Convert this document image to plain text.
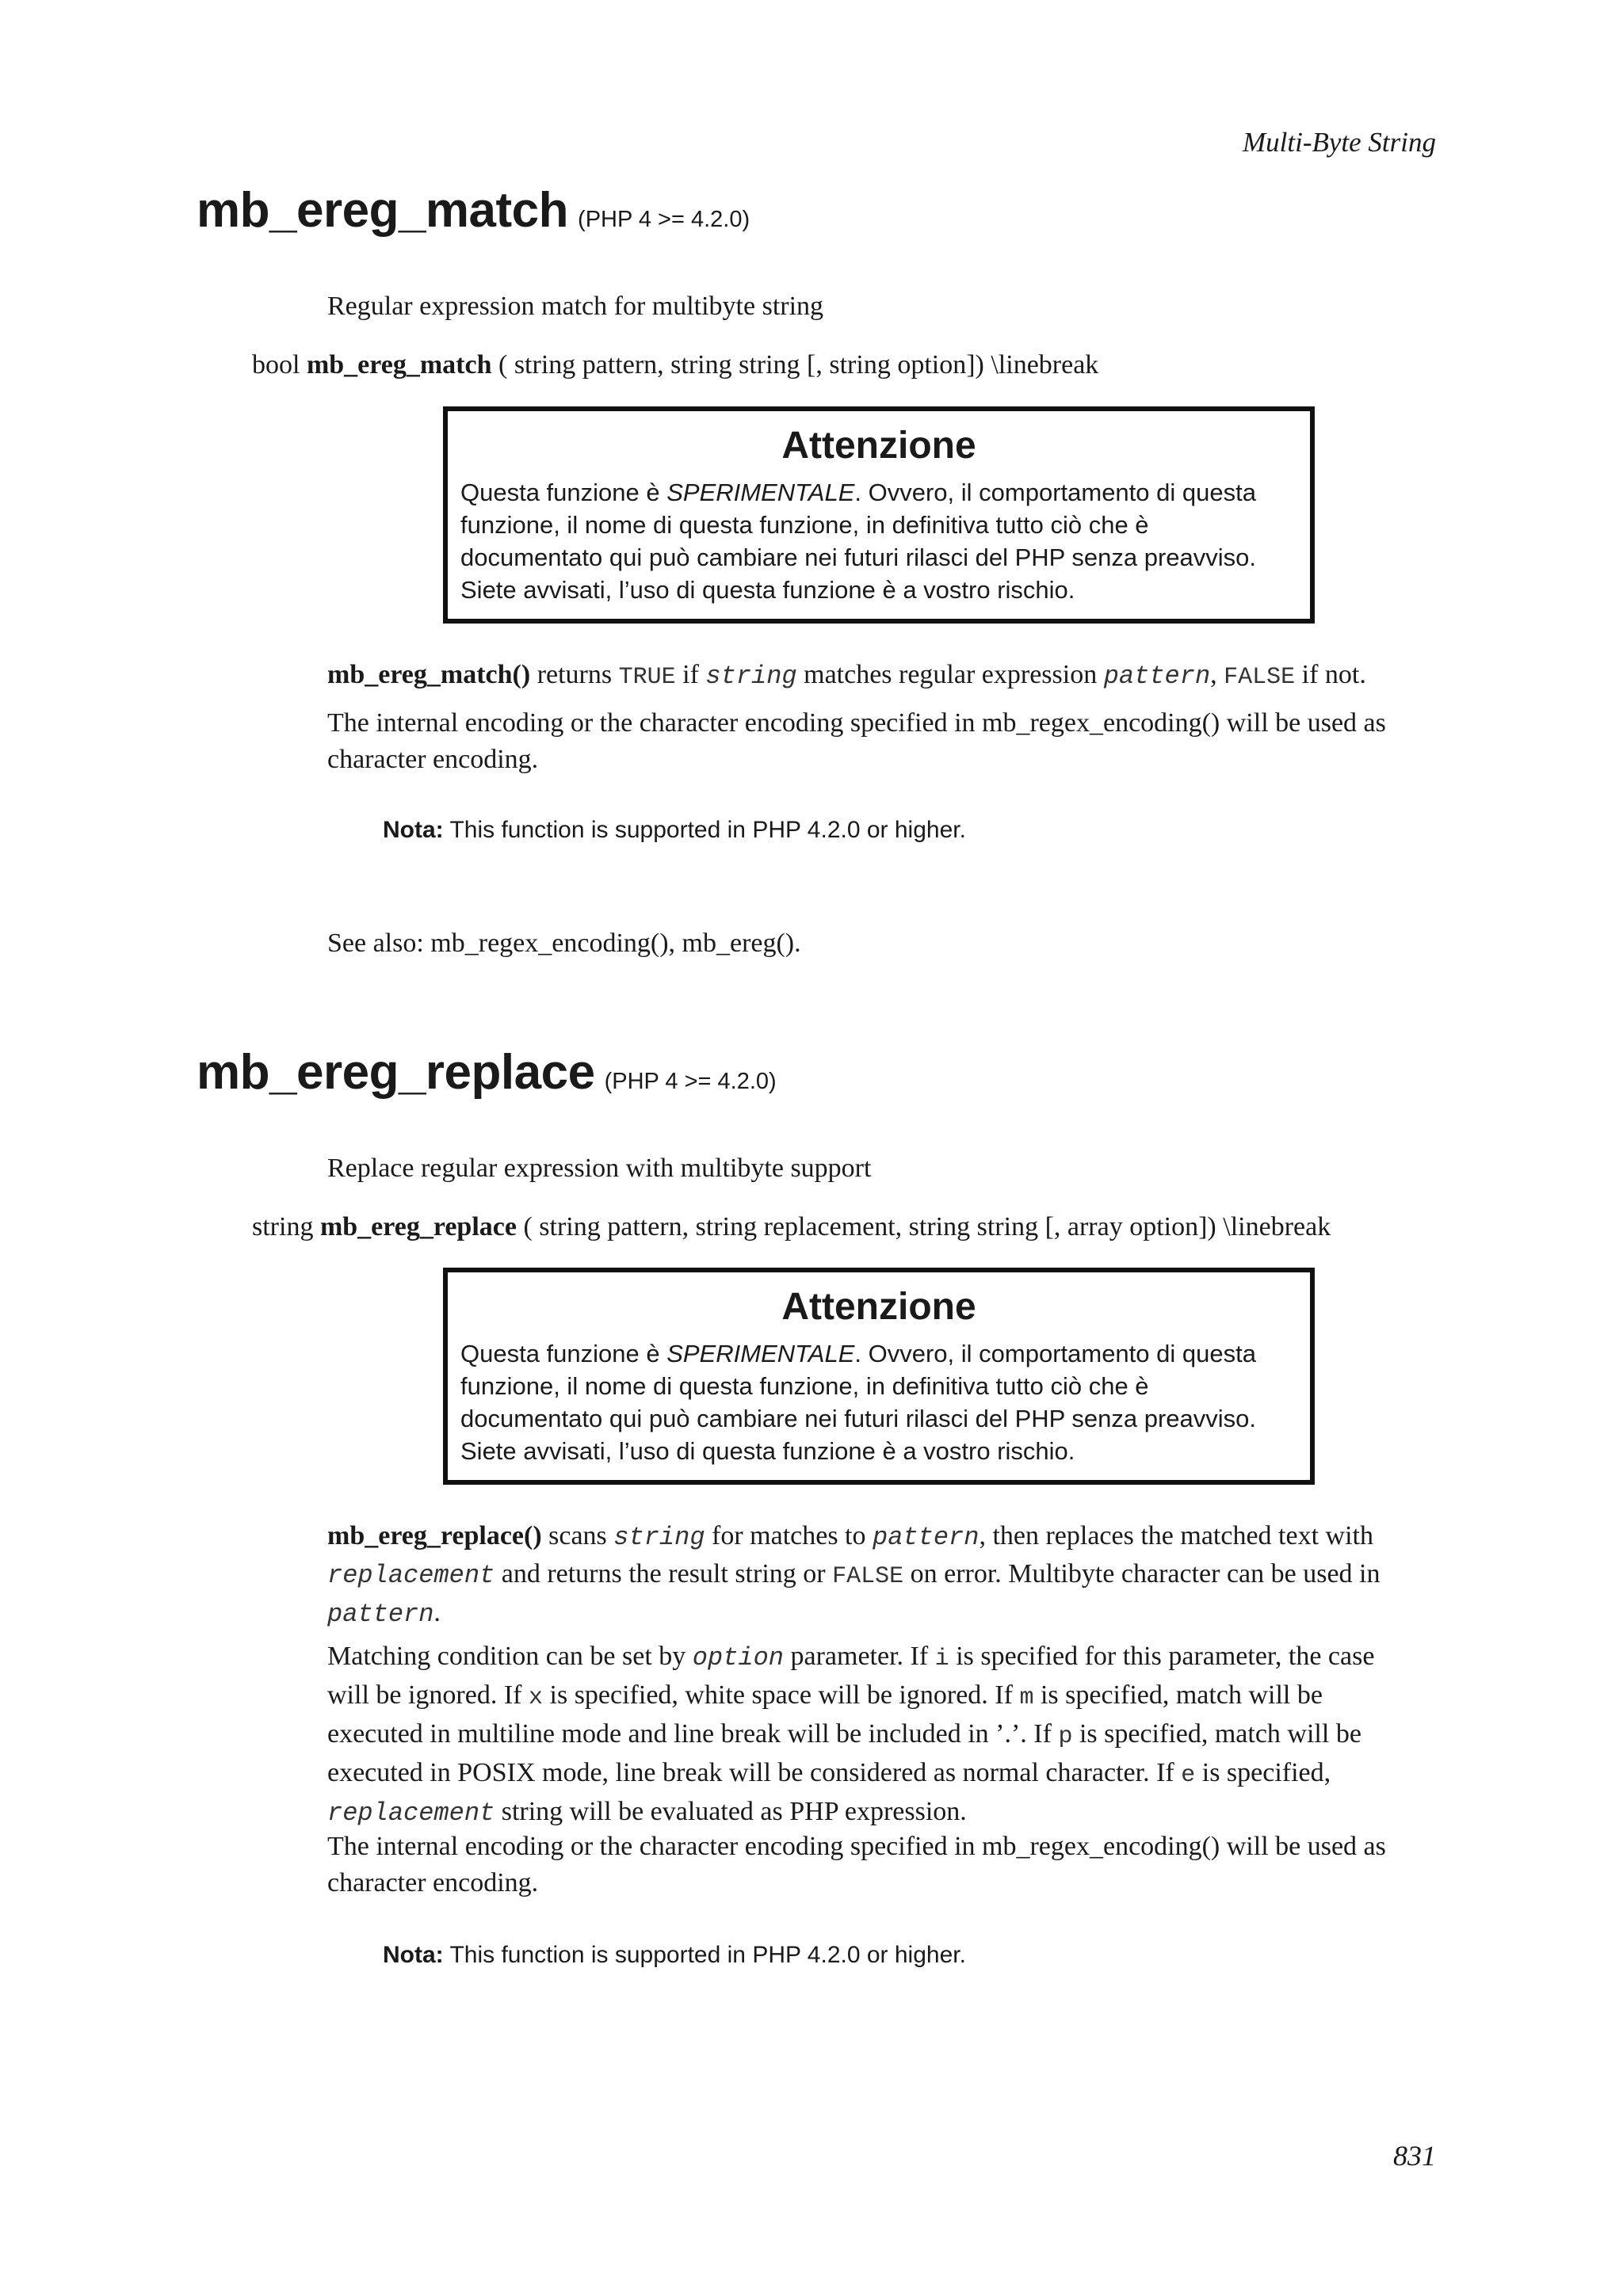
Multi-Byte String
mb_ereg_match (PHP 4 >= 4.2.0)
Regular expression match for multibyte string
bool mb_ereg_match ( string pattern, string string [, string option]) \linebreak
Attenzione
Questa funzione è SPERIMENTALE. Ovvero, il comportamento di questa funzione, il nome di questa funzione, in definitiva tutto ciò che è documentato qui può cambiare nei futuri rilasci del PHP senza preavviso. Siete avvisati, l’uso di questa funzione è a vostro rischio.
mb_ereg_match() returns TRUE if string matches regular expression pattern, FALSE if not.
The internal encoding or the character encoding specified in mb_regex_encoding() will be used as character encoding.
Nota: This function is supported in PHP 4.2.0 or higher.
See also: mb_regex_encoding(), mb_ereg().
mb_ereg_replace (PHP 4 >= 4.2.0)
Replace regular expression with multibyte support
string mb_ereg_replace ( string pattern, string replacement, string string [, array option]) \linebreak
Attenzione
Questa funzione è SPERIMENTALE. Ovvero, il comportamento di questa funzione, il nome di questa funzione, in definitiva tutto ciò che è documentato qui può cambiare nei futuri rilasci del PHP senza preavviso. Siete avvisati, l’uso di questa funzione è a vostro rischio.
mb_ereg_replace() scans string for matches to pattern, then replaces the matched text with replacement and returns the result string or FALSE on error. Multibyte character can be used in pattern.
Matching condition can be set by option parameter. If i is specified for this parameter, the case will be ignored. If x is specified, white space will be ignored. If m is specified, match will be executed in multiline mode and line break will be included in ’.’. If p is specified, match will be executed in POSIX mode, line break will be considered as normal character. If e is specified, replacement string will be evaluated as PHP expression.
The internal encoding or the character encoding specified in mb_regex_encoding() will be used as character encoding.
Nota: This function is supported in PHP 4.2.0 or higher.
831
